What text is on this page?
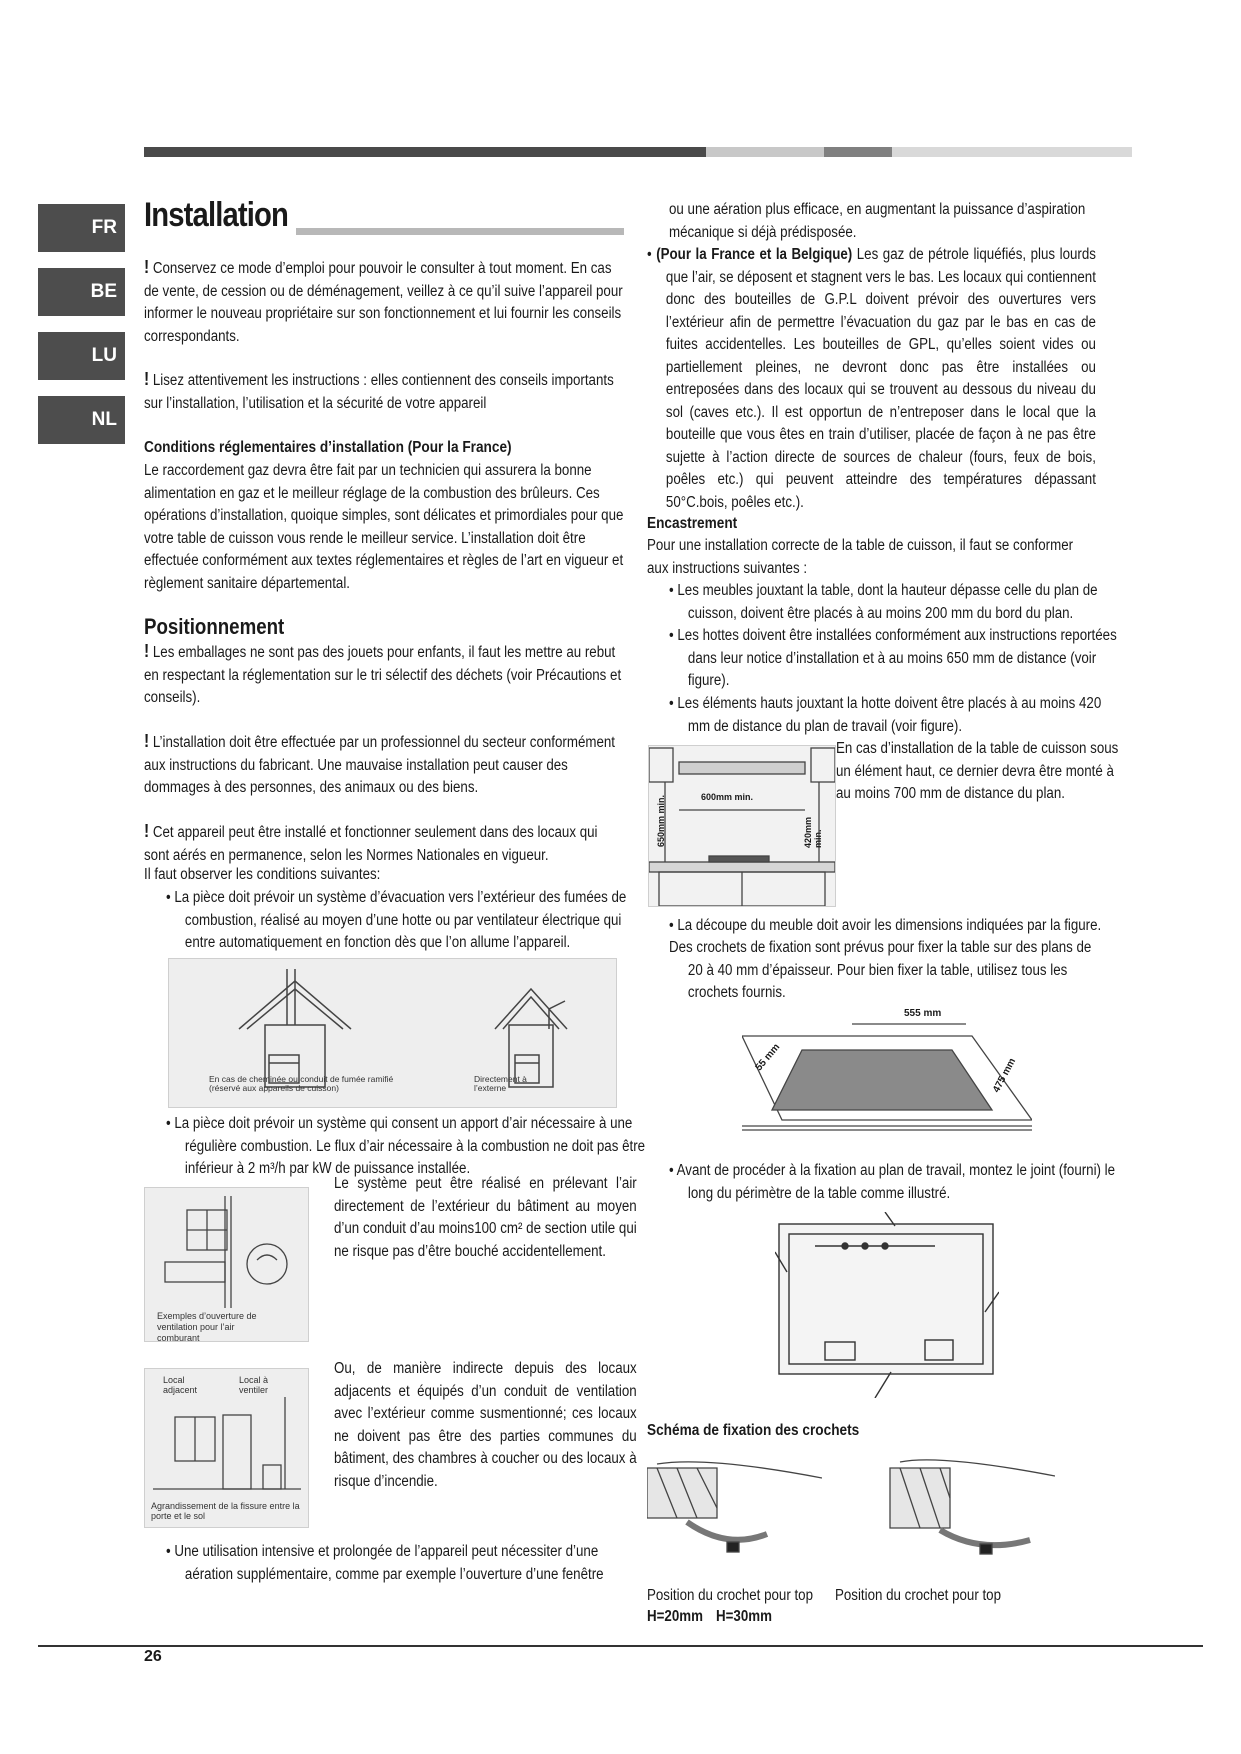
FR
BE
LU
NL
Installation
! Conservez ce mode d’emploi pour pouvoir le consulter à tout moment. En cas de vente, de cession ou de déménagement, veillez à ce qu’il suive l’appareil pour informer le nouveau propriétaire sur son fonctionnement et lui fournir les conseils correspondants.
! Lisez attentivement les instructions : elles contiennent des conseils importants sur l’installation, l’utilisation et la sécurité de votre appareil
Conditions réglementaires d’installation (Pour la France)
Le raccordement gaz devra être fait par un technicien qui assurera la bonne alimentation en gaz et le meilleur réglage de la combustion des brûleurs. Ces opérations d’installation, quoique simples, sont délicates et primordiales pour que votre table de cuisson vous rende le meilleur service. L’installation doit être effectuée conformément aux textes réglementaires et règles de l’art en vigueur et règlement sanitaire départemental.
Positionnement
! Les emballages ne sont pas des jouets pour enfants, il faut les mettre au rebut en respectant la réglementation sur le tri sélectif des déchets (voir Précautions et conseils).
! L’installation doit être effectuée par un professionnel du secteur conformément aux instructions du fabricant. Une mauvaise installation peut causer des dommages à des personnes, des animaux ou des biens.
! Cet appareil peut être installé et fonctionner seulement dans des locaux qui sont aérés en permanence, selon les Normes Nationales en vigueur.
Il faut observer les conditions suivantes:
• La pièce doit prévoir un système d’évacuation vers l’extérieur des fumées de combustion, réalisé au moyen d’une hotte ou par ventilateur électrique qui entre automatiquement en fonction dès que l’on allume l’appareil.
En cas de cheminée ou conduit de fumée ramifié (réservé aux appareils de cuisson)
Directement à l’externe
• La pièce doit prévoir un système qui consent un apport d’air nécessaire à une régulière combustion. Le flux d’air nécessaire à la combustion ne doit pas être inférieur à 2 m³/h par kW de puissance installée.
Exemples d’ouverture de ventilation pour l’air comburant
Le système peut être réalisé en prélevant l’air directement de l’extérieur du bâtiment au moyen d’un conduit d’au moins100 cm² de section utile qui ne risque pas d’être bouché accidentellement.
Local adjacent
Local à ventiler
Agrandissement de la fissure entre la porte et le sol
Ou, de manière indirecte depuis des locaux adjacents et équipés d’un conduit de ventilation avec l’extérieur comme susmentionné; ces locaux ne doivent pas être des parties communes du bâtiment, des chambres à coucher ou des locaux à risque d’incendie.
• Une utilisation intensive et prolongée de l’appareil peut nécessiter d’une aération supplémentaire, comme par exemple l’ouverture d’une fenêtre
ou une aération plus efficace, en augmentant la puissance d’aspiration mécanique si déjà prédisposée.
• (Pour la France et la Belgique) Les gaz de pétrole liquéfiés, plus lourds que l’air, se déposent et stagnent vers le bas. Les locaux qui contiennent donc des bouteilles de G.P.L doivent prévoir des ouvertures vers l’extérieur afin de permettre l’évacuation du gaz par le bas en cas de fuites accidentelles. Les bouteilles de GPL, qu’elles soient vides ou partiellement pleines, ne devront donc pas être installées ou entreposées dans des locaux qui se trouvent au dessous du niveau du sol (caves etc.). Il est opportun de n’entreposer dans le local que la bouteille que vous êtes en train d’utiliser, placée de façon à ne pas être sujette à l’action directe de sources de chaleur (fours, feux de bois, poêles etc.) qui peuvent atteindre des températures dépassant 50°C.bois, poêles etc.).
Encastrement
Pour une installation correcte de la table de cuisson, il faut se conformer aux instructions suivantes :
• Les meubles jouxtant la table, dont la hauteur dépasse celle du plan de cuisson, doivent être placés à au moins 200 mm du bord du plan.
• Les hottes doivent être installées conformément aux instructions reportées dans leur notice d’installation et à au moins 650 mm de distance (voir figure).
• Les éléments hauts jouxtant la hotte doivent être placés à au moins 420 mm de distance du plan de travail (voir figure).
En cas d’installation de la table de cuisson sous un élément haut, ce dernier devra être monté à au moins 700 mm de distance du plan.
600mm min.
650mm min.	420mm min.
• La découpe du meuble doit avoir les dimensions indiquées par la figure.
Des crochets de fixation sont prévus pour fixer la table sur des plans de 20 à 40 mm d’épaisseur. Pour bien fixer la table, utilisez tous les crochets fournis.
555 mm
55 mm	475 mm
• Avant de procéder à la fixation au plan de travail, montez le joint (fourni) le long du périmètre de la table comme illustré.
Schéma de fixation des crochets
Position du crochet pour top Position du crochet pour top
H=20mm H=30mm
26
